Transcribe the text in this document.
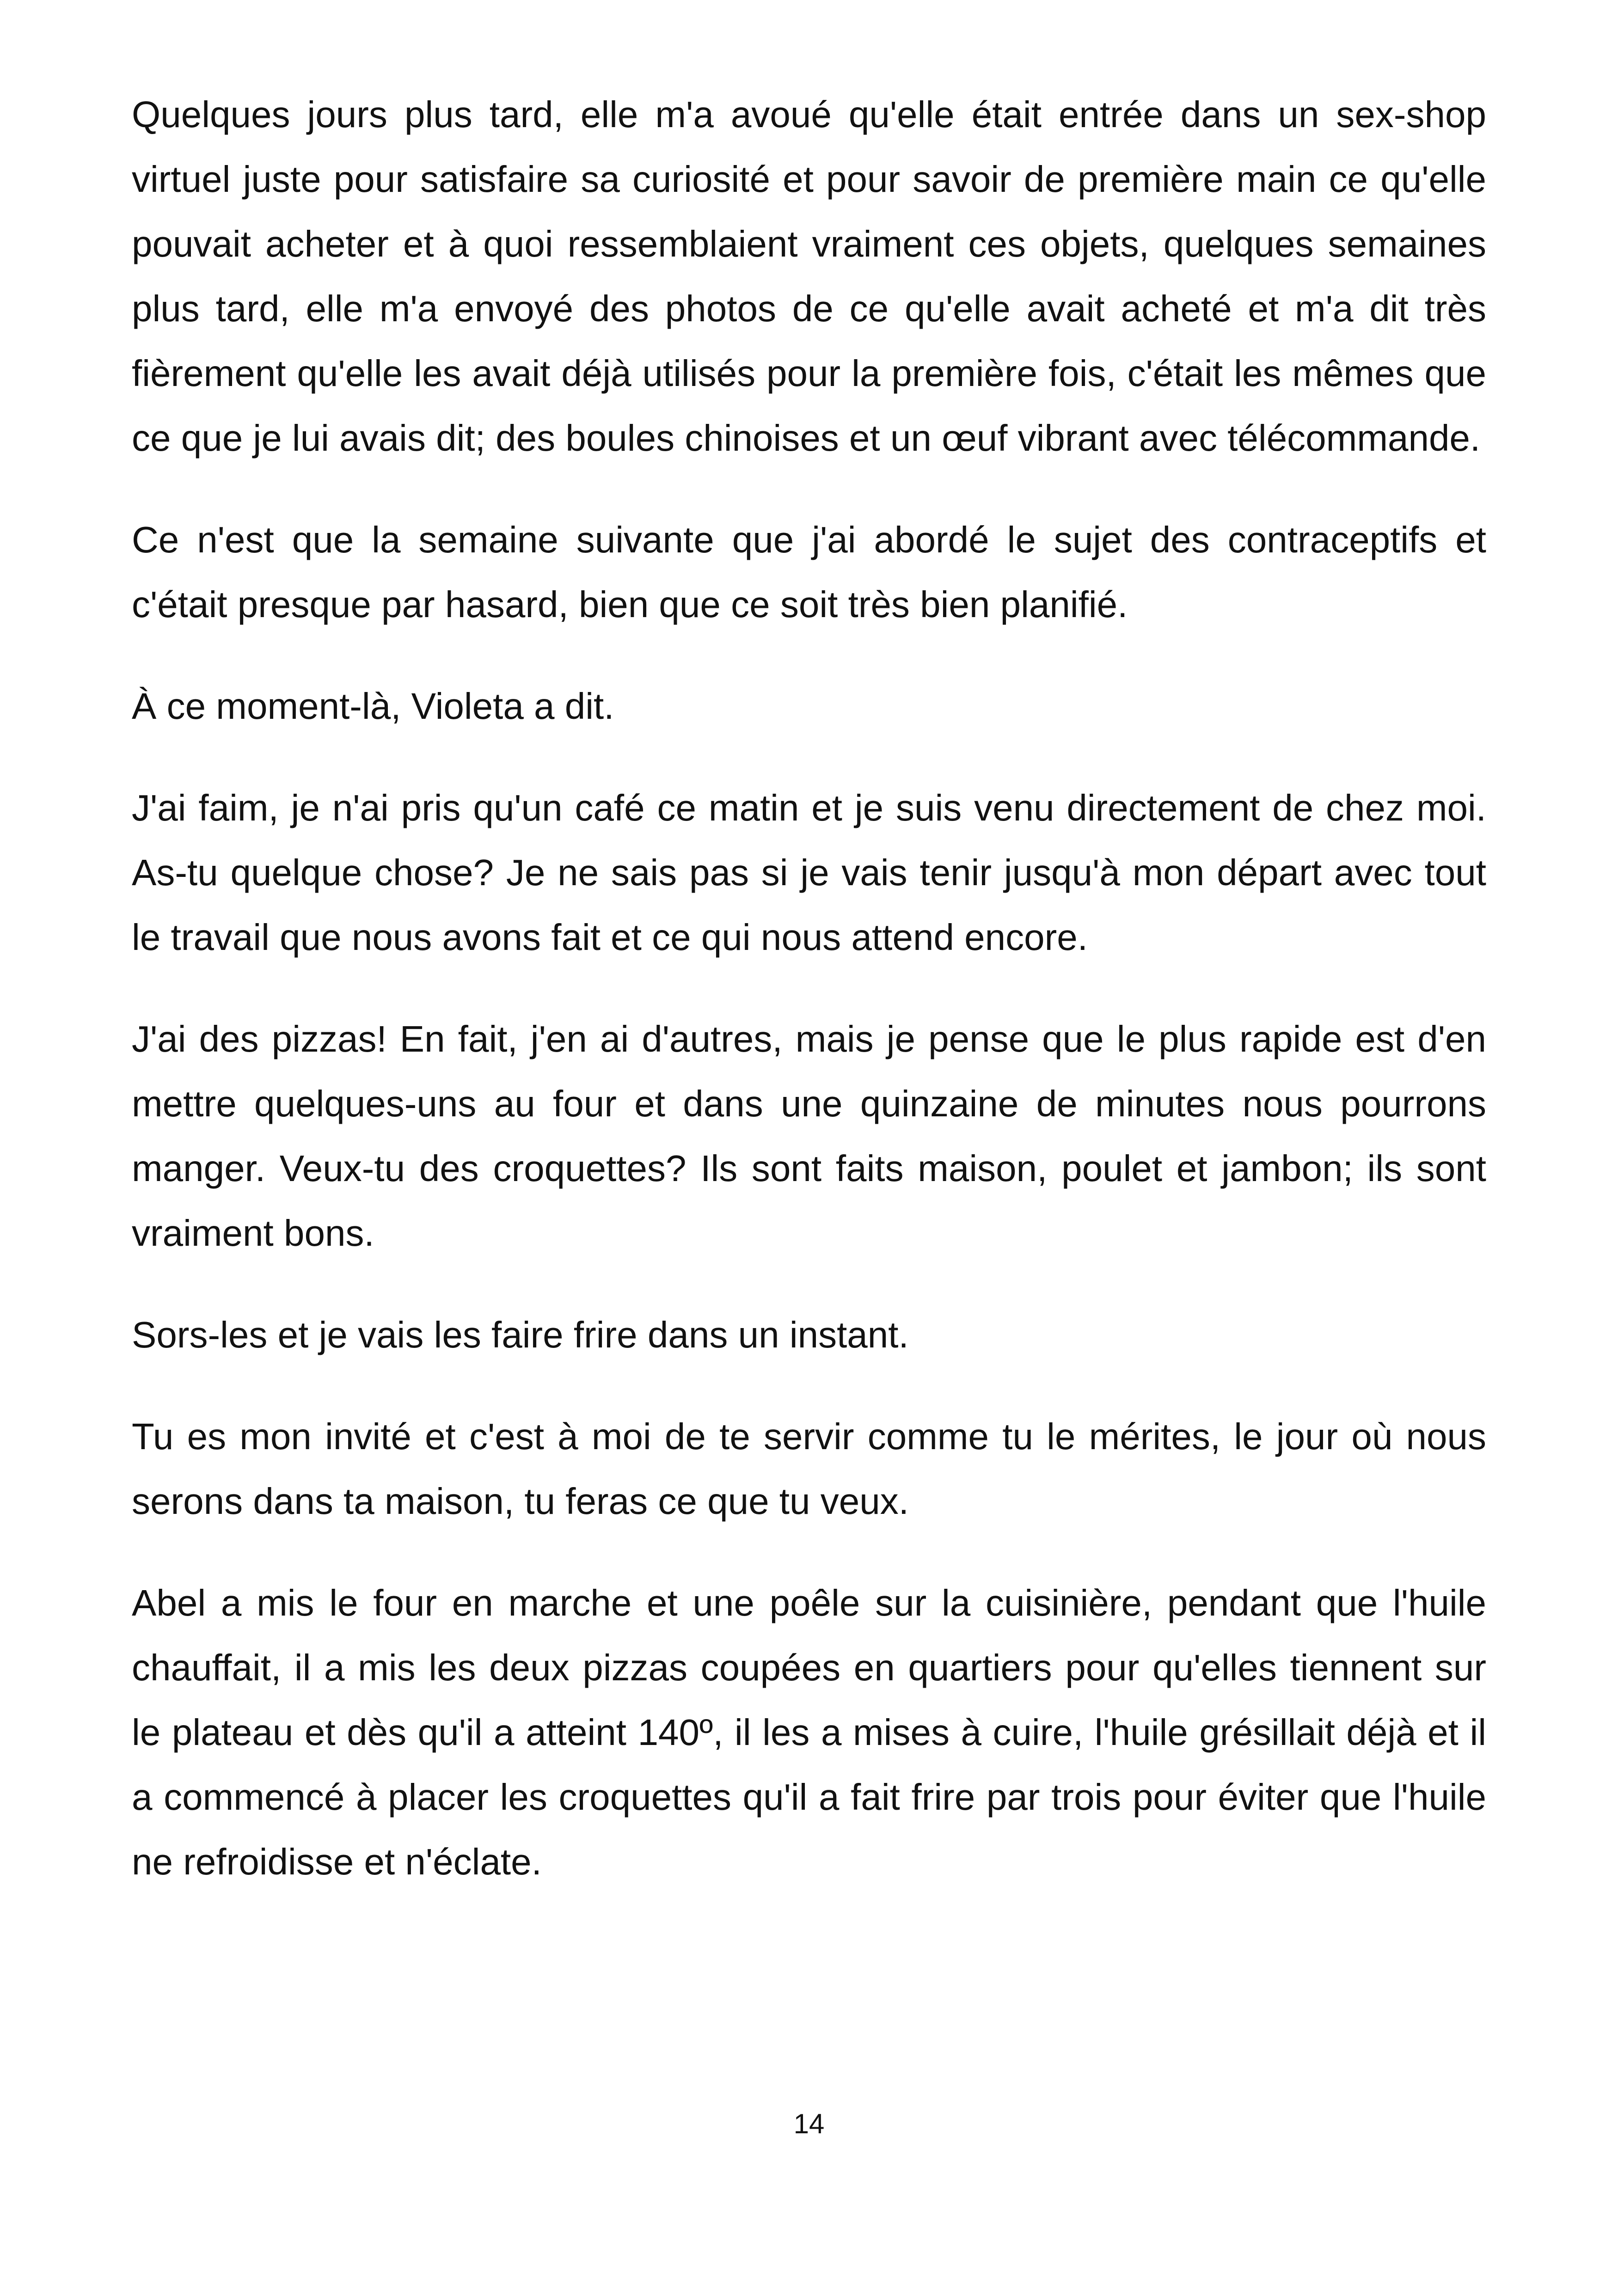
Quelques jours plus tard, elle m'a avoué qu'elle était entrée dans un sex-shop virtuel juste pour satisfaire sa curiosité et pour savoir de première main ce qu'elle pouvait acheter et à quoi ressemblaient vraiment ces objets, quelques semaines plus tard, elle m'a envoyé des photos de ce qu'elle avait acheté et m'a dit très fièrement qu'elle les avait déjà utilisés pour la première fois, c'était les mêmes que ce que je lui avais dit; des boules chinoises et un œuf vibrant avec télécommande.

Ce n'est que la semaine suivante que j'ai abordé le sujet des contraceptifs et c'était presque par hasard, bien que ce soit très bien planifié.

À ce moment-là, Violeta a dit.

J'ai faim, je n'ai pris qu'un café ce matin et je suis venu directement de chez moi. As-tu quelque chose? Je ne sais pas si je vais tenir jusqu'à mon départ avec tout le travail que nous avons fait et ce qui nous attend encore.

J'ai des pizzas! En fait, j'en ai d'autres, mais je pense que le plus rapide est d'en mettre quelques-uns au four et dans une quinzaine de minutes nous pourrons manger. Veux-tu des croquettes? Ils sont faits maison, poulet et jambon; ils sont vraiment bons.

Sors-les et je vais les faire frire dans un instant.

Tu es mon invité et c'est à moi de te servir comme tu le mérites, le jour où nous serons dans ta maison, tu feras ce que tu veux.

Abel a mis le four en marche et une poêle sur la cuisinière, pendant que l'huile chauffait, il a mis les deux pizzas coupées en quartiers pour qu'elles tiennent sur le plateau et dès qu'il a atteint 140º, il les a mises à cuire, l'huile grésillait déjà et il a commencé à placer les croquettes qu'il a fait frire par trois pour éviter que l'huile ne refroidisse et n'éclate.

14
